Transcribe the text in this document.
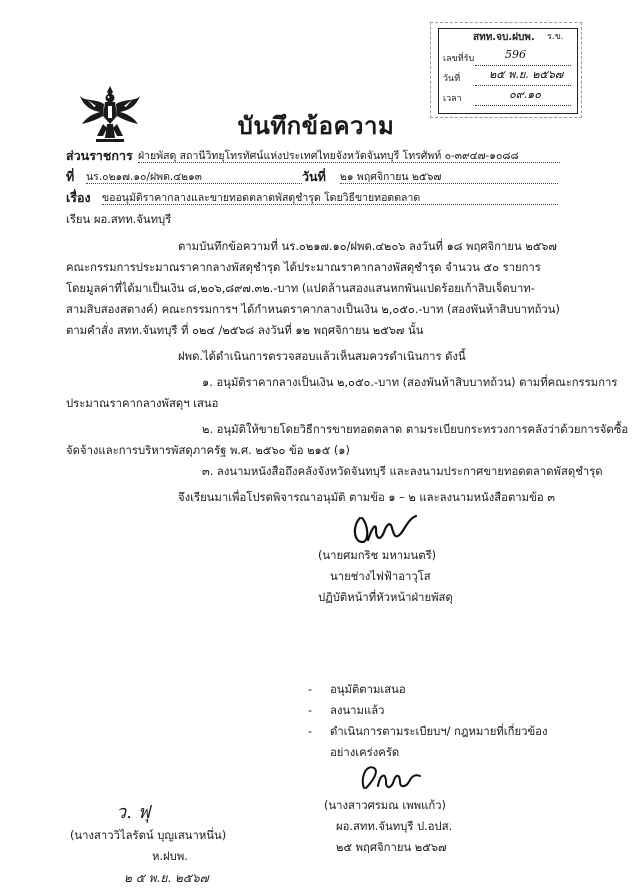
สทท.จบ.ฝบพ. ร.ข.
เลขที่รับ	596
วันที่	๒๕ พ.ย. ๒๕๖๗
เวลา	๐๙.๑๐
บันทึกข้อความ
ส่วนราชการ ฝ่ายพัสดุ สถานีวิทยุโทรทัศน์แห่งประเทศไทยจังหวัดจันทบุรี โทรศัพท์ ๐-๓๙๔๗-๑๐๘๘
ที่ นร.๐๒๑๗.๑๐/ฝพด.๔๒๑๓	วันที่ ๒๑ พฤศจิกายน ๒๕๖๗
เรื่อง ขออนุมัติราคากลางและขายทอดตลาดพัสดุชำรุด โดยวิธีขายทอดตลาด
เรียน ผอ.สทท.จันทบุรี
ตามบันทึกข้อความที่ นร.๐๒๑๗.๑๐/ฝพด.๔๒๐๖ ลงวันที่ ๑๘ พฤศจิกายน ๒๕๖๗
คณะกรรมการประมาณราคากลางพัสดุชำรุด ได้ประมาณราคากลางพัสดุชำรุด จำนวน ๕๐ รายการ
โดยมูลค่าที่ได้มาเป็นเงิน ๘,๒๐๖,๘๙๗.๓๒.-บาท (แปดล้านสองแสนหกพันแปดร้อยเก้าสิบเจ็ดบาท-
สามสิบสองสตางค์) คณะกรรมการฯ ได้กำหนดราคากลางเป็นเงิน ๒,๐๕๐.-บาท (สองพันห้าสิบบาทถ้วน)
ตามคำสั่ง สทท.จันทบุรี ที่ ๐๒๔ /๒๕๖๘ ลงวันที่ ๑๒ พฤศจิกายน ๒๕๖๗ นั้น
ฝพด.ได้ดำเนินการตรวจสอบแล้วเห็นสมควรดำเนินการ ดังนี้
๑. อนุมัติราคากลางเป็นเงิน ๒,๐๕๐.-บาท (สองพันห้าสิบบาทถ้วน) ตามที่คณะกรรมการ
ประมาณราคากลางพัสดุฯ เสนอ
๒. อนุมัติให้ขายโดยวิธีการขายทอดตลาด ตามระเบียบกระทรวงการคลังว่าด้วยการจัดซื้อ
จัดจ้างและการบริหารพัสดุภาครัฐ พ.ศ. ๒๕๖๐ ข้อ ๒๑๕ (๑)
๓. ลงนามหนังสือถึงคลังจังหวัดจันทบุรี และลงนามประกาศขายทอดตลาดพัสดุชำรุด
จึงเรียนมาเพื่อโปรดพิจารณาอนุมัติ ตามข้อ ๑ – ๒ และลงนามหนังสือตามข้อ ๓
(นายศมกริช มหามนตรี)
นายช่างไฟฟ้าอาวุโส
ปฏิบัติหน้าที่หัวหน้าฝ่ายพัสดุ
- อนุมัติตามเสนอ
- ลงนามแล้ว
- ดำเนินการตามระเบียบฯ/ กฎหมายที่เกี่ยวข้อง
อย่างเคร่งครัด
(นางสาวศรมณ เพพแก้ว)
ผอ.สทท.จันทบุรี ป.อปส.
๒๕ พฤศจิกายน ๒๕๖๗
ว. ฟุ
(นางสาววิไลรัตน์ บุญเสนาหนึ่น)
ห.ฝบพ.
๒ ๕ พ.ย. ๒๕๖๗
